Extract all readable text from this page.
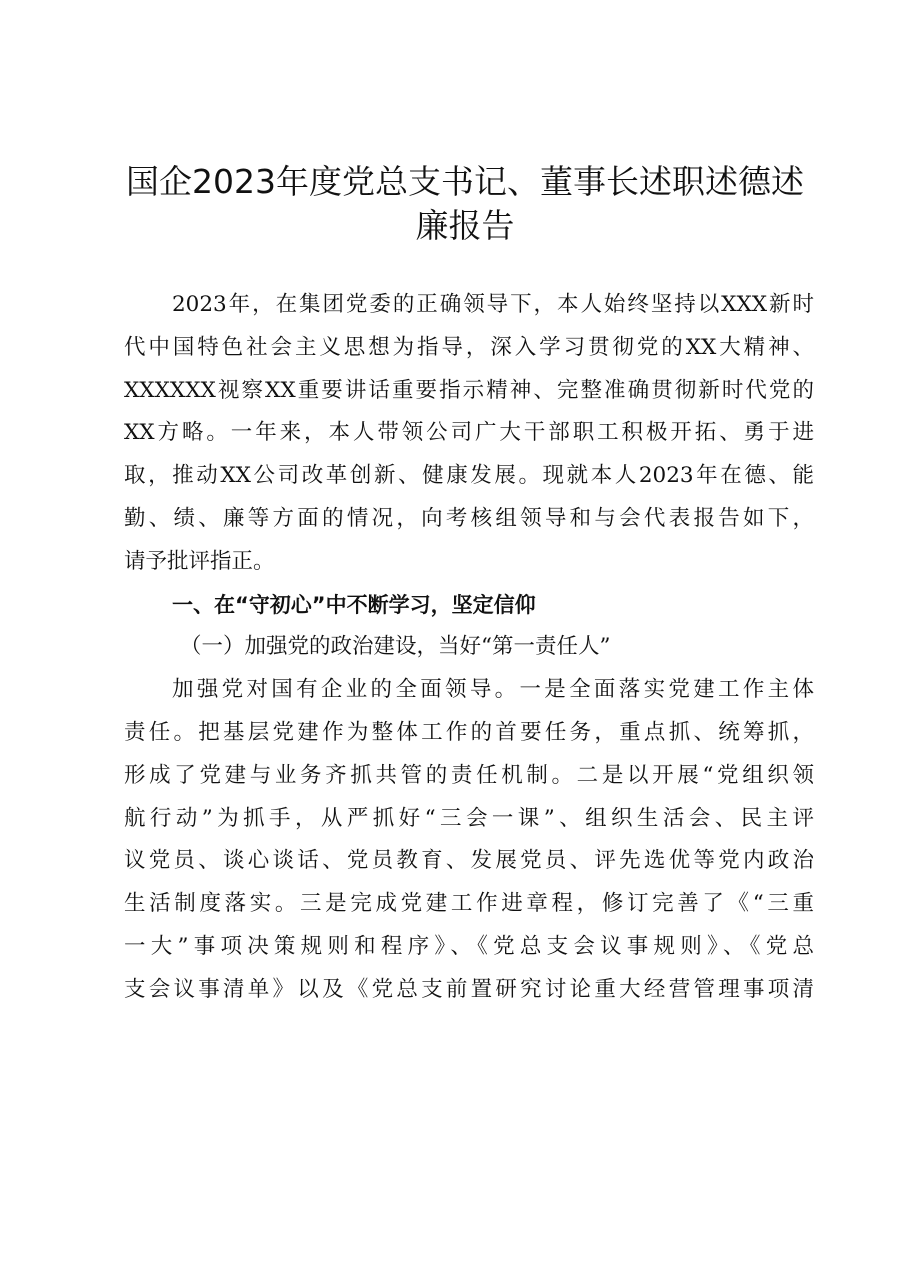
国企2023年度党总支书记、董事长述职述德述
廉报告
2023年，在集团党委的正确领导下，本人始终坚持以XXX新时
代中国特色社会主义思想为指导，深入学习贯彻党的XX大精神、
XXXXXX视察XX重要讲话重要指示精神、完整准确贯彻新时代党的
XX方略。一年来，本人带领公司广大干部职工积极开拓、勇于进
取，推动XX公司改革创新、健康发展。现就本人2023年在德、能
勤、绩、廉等方面的情况，向考核组领导和与会代表报告如下，
请予批评指正。
一、在“守初心”中不断学习，坚定信仰
（一）加强党的政治建设，当好“第一责任人”
加强党对国有企业的全面领导。一是全面落实党建工作主体
责任。把基层党建作为整体工作的首要任务，重点抓、统筹抓，
形成了党建与业务齐抓共管的责任机制。二是以开展“党组织领
航行动”为抓手，从严抓好“三会一课”、组织生活会、民主评
议党员、谈心谈话、党员教育、发展党员、评先选优等党内政治
生活制度落实。三是完成党建工作进章程，修订完善了《“三重
一大”事项决策规则和程序》、《党总支会议事规则》、《党总
支会议事清单》以及《党总支前置研究讨论重大经营管理事项清
